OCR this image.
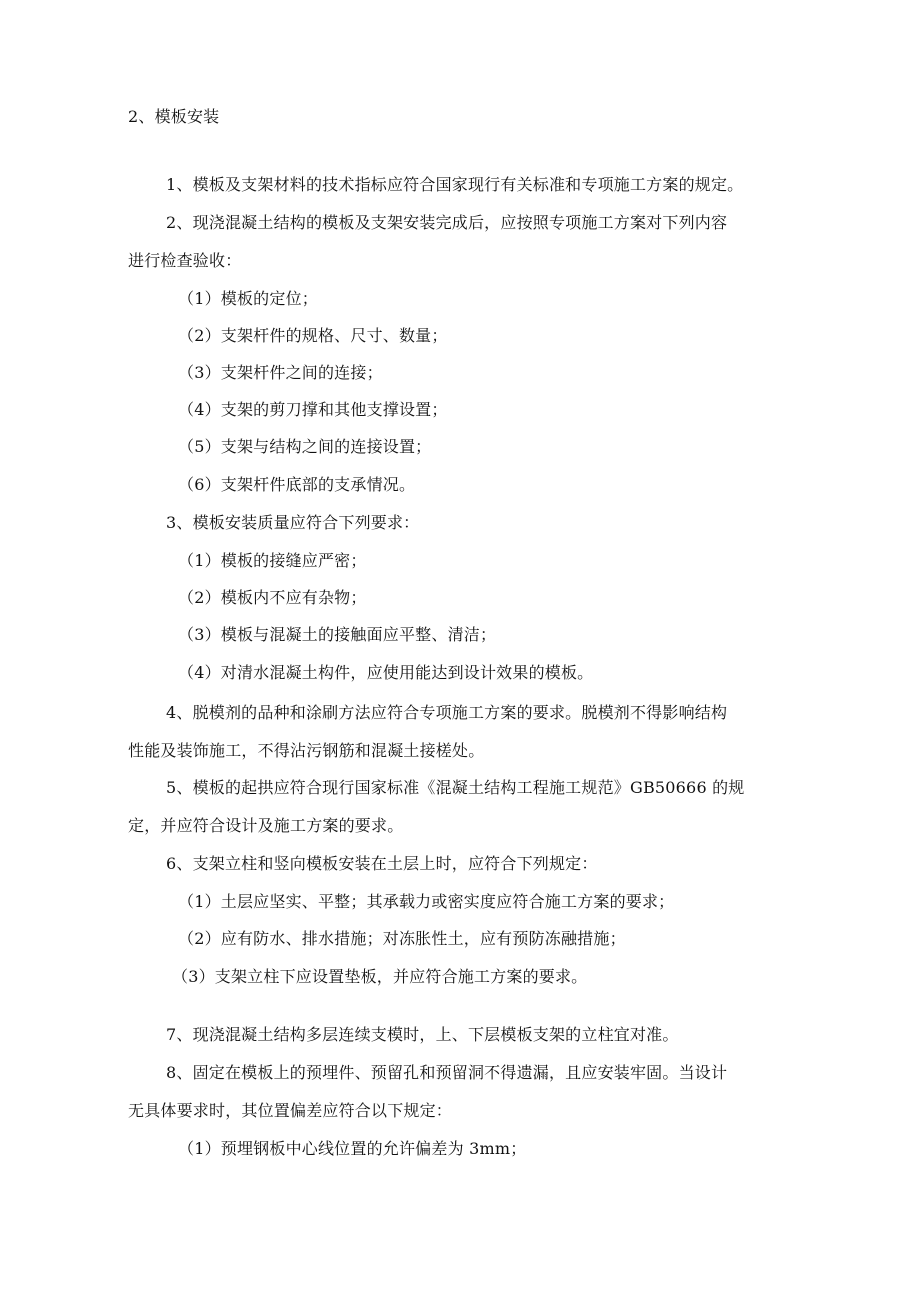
2、模板安装
1、模板及支架材料的技术指标应符合国家现行有关标准和专项施工方案的规定。
2、现浇混凝土结构的模板及支架安装完成后，应按照专项施工方案对下列内容
进行检查验收：
（1）模板的定位；
（2）支架杆件的规格、尺寸、数量；
（3）支架杆件之间的连接；
（4）支架的剪刀撑和其他支撑设置；
（5）支架与结构之间的连接设置；
（6）支架杆件底部的支承情况。
3、模板安装质量应符合下列要求：
（1）模板的接缝应严密；
（2）模板内不应有杂物；
（3）模板与混凝土的接触面应平整、清洁；
（4）对清水混凝土构件，应使用能达到设计效果的模板。
4、脱模剂的品种和涂刷方法应符合专项施工方案的要求。脱模剂不得影响结构
性能及装饰施工，不得沾污钢筋和混凝土接槎处。
5、模板的起拱应符合现行国家标准《混凝土结构工程施工规范》GB50666 的规
定，并应符合设计及施工方案的要求。
6、支架立柱和竖向模板安装在土层上时，应符合下列规定：
（1）土层应坚实、平整；其承载力或密实度应符合施工方案的要求；
（2）应有防水、排水措施；对冻胀性土，应有预防冻融措施；
（3）支架立柱下应设置垫板，并应符合施工方案的要求。
7、现浇混凝土结构多层连续支模时，上、下层模板支架的立柱宜对准。
8、固定在模板上的预埋件、预留孔和预留洞不得遗漏，且应安装牢固。当设计
无具体要求时，其位置偏差应符合以下规定：
（1）预埋钢板中心线位置的允许偏差为 3mm；
